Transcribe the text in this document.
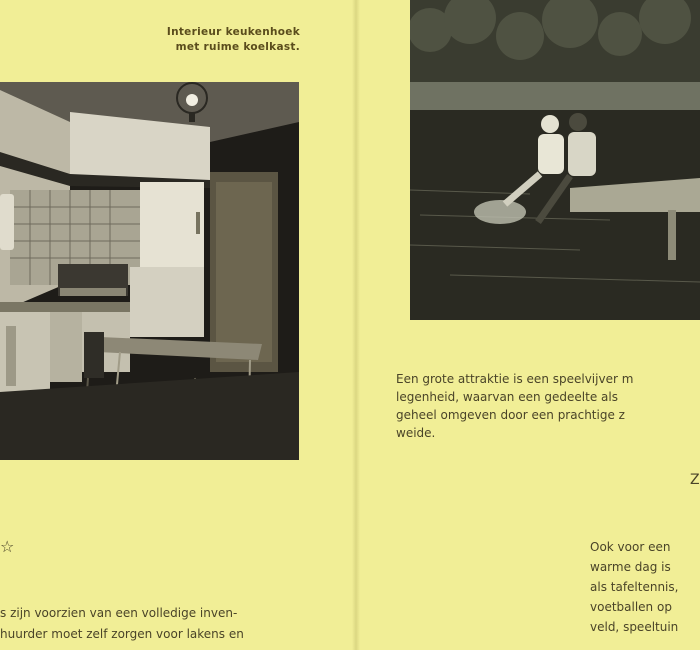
Interieur keukenhoek
met ruime koelkast.
Een grote attraktie is een speelvijver m
legenheid, waarvan een gedeelte als
geheel omgeven door een prachtige z
weide.
Z
☆
s zijn voorzien van een volledige inven-
huurder moet zelf zorgen voor lakens en
Ook voor een
warme dag is
als tafeltennis,
voetballen op
veld, speeltuin
